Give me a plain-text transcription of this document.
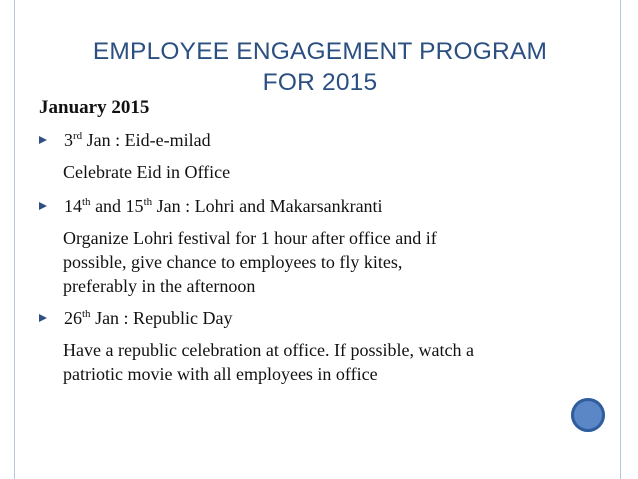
EMPLOYEE ENGAGEMENT PROGRAM
FOR 2015
January 2015
3rd Jan : Eid-e-milad
Celebrate Eid in Office
14th and 15th Jan : Lohri and Makarsankranti
Organize Lohri festival for 1 hour after office and if
possible, give chance to employees to fly kites,
preferably in the afternoon
26th Jan : Republic Day
Have a republic celebration at office. If possible, watch a
patriotic movie with all employees in office
